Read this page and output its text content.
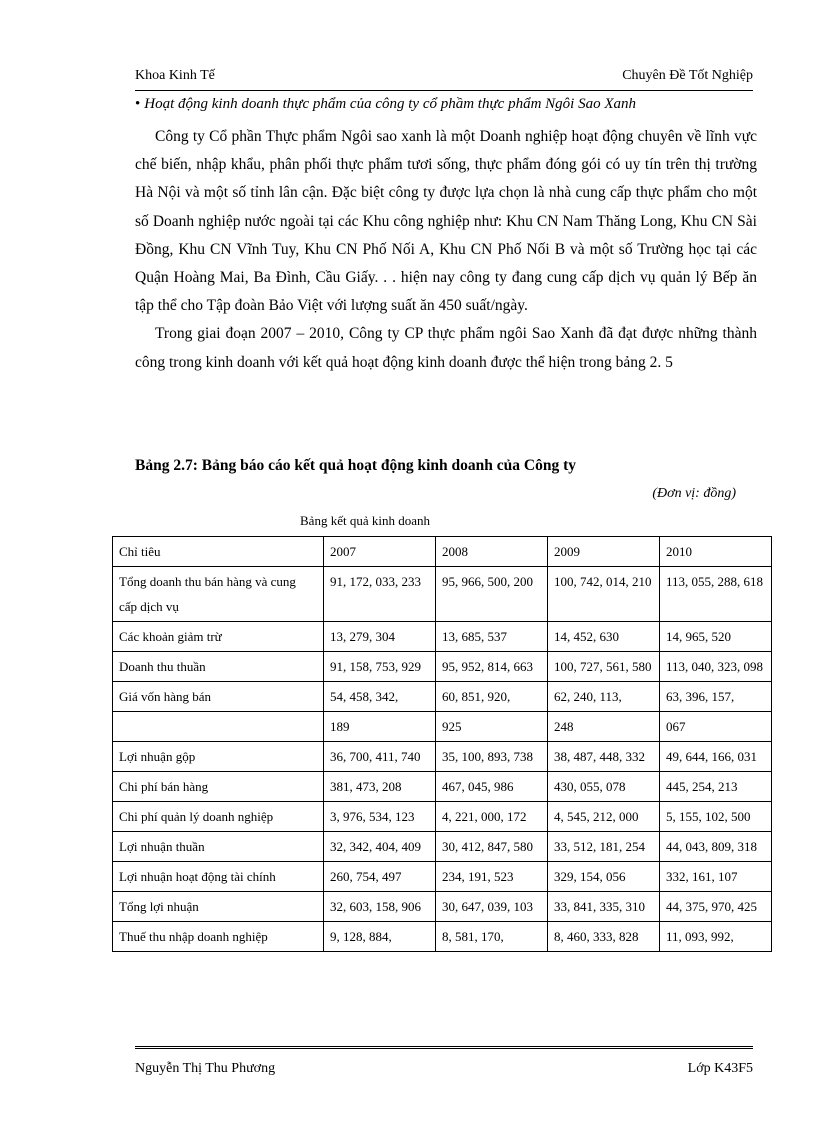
Khoa Kinh Tế	Chuyên Đề Tốt Nghiệp
• Hoạt động kinh doanh thực phẩm của công ty cổ phầm thực phẩm Ngôi Sao Xanh

Công ty Cổ phần Thực phẩm Ngôi sao xanh là một Doanh nghiệp hoạt động chuyên về lĩnh vực chế biến, nhập khẩu, phân phối thực phẩm tươi sống, thực phẩm đóng gói có uy tín trên thị trường Hà Nội và một số tỉnh lân cận. Đặc biệt công ty được lựa chọn là nhà cung cấp thực phẩm cho một số Doanh nghiệp nước ngoài tại các Khu công nghiệp như: Khu CN Nam Thăng Long, Khu CN Sài Đồng, Khu CN Vĩnh Tuy, Khu CN Phố Nối A, Khu CN Phố Nối B và một số Trường học tại các Quận Hoàng Mai, Ba Đình, Cầu Giấy. . . hiện nay công ty đang cung cấp dịch vụ quản lý Bếp ăn tập thể cho Tập đoàn Bảo Việt với lượng suất ăn 450 suất/ngày.

Trong giai đoạn 2007 – 2010, Công ty CP thực phẩm ngôi Sao Xanh đã đạt được những thành công trong kinh doanh với kết quả hoạt động kinh doanh được thể hiện trong bảng 2. 5

Bảng 2.7: Bảng báo cáo kết quả hoạt động kinh doanh của Công ty
(Đơn vị: đồng)
Bảng kết quả kinh doanh
Chỉ tiêu	2007	2008	2009	2010
Tổng doanh thu bán hàng và cung cấp dịch vụ	91, 172, 033, 233	95, 966, 500, 200	100, 742, 014, 210	113, 055, 288, 618
Các khoản giảm trừ	13, 279, 304	13, 685, 537	14, 452, 630	14, 965, 520
Doanh thu thuần	91, 158, 753, 929	95, 952, 814, 663	100, 727, 561, 580	113, 040, 323, 098
Giá vốn hàng bán	54, 458, 342,	60, 851, 920,	62, 240, 113,	63, 396, 157,
	189	925	248	067
Lợi nhuận gộp	36, 700, 411, 740	35, 100, 893, 738	38, 487, 448, 332	49, 644, 166, 031
Chi phí bán hàng	381, 473, 208	467, 045, 986	430, 055, 078	445, 254, 213
Chi phí quản lý doanh nghiệp	3, 976, 534, 123	4, 221, 000, 172	4, 545, 212, 000	5, 155, 102, 500
Lợi nhuận thuần	32, 342, 404, 409	30, 412, 847, 580	33, 512, 181, 254	44, 043, 809, 318
Lợi nhuận hoạt động tài chính	260, 754, 497	234, 191, 523	329, 154, 056	332, 161, 107
Tổng lợi nhuận	32, 603, 158, 906	30, 647, 039, 103	33, 841, 335, 310	44, 375, 970, 425
Thuế thu nhập doanh nghiệp	9, 128, 884,	8, 581, 170,	8, 460, 333, 828	11, 093, 992,
Nguyễn Thị Thu Phương	Lớp K43F5
